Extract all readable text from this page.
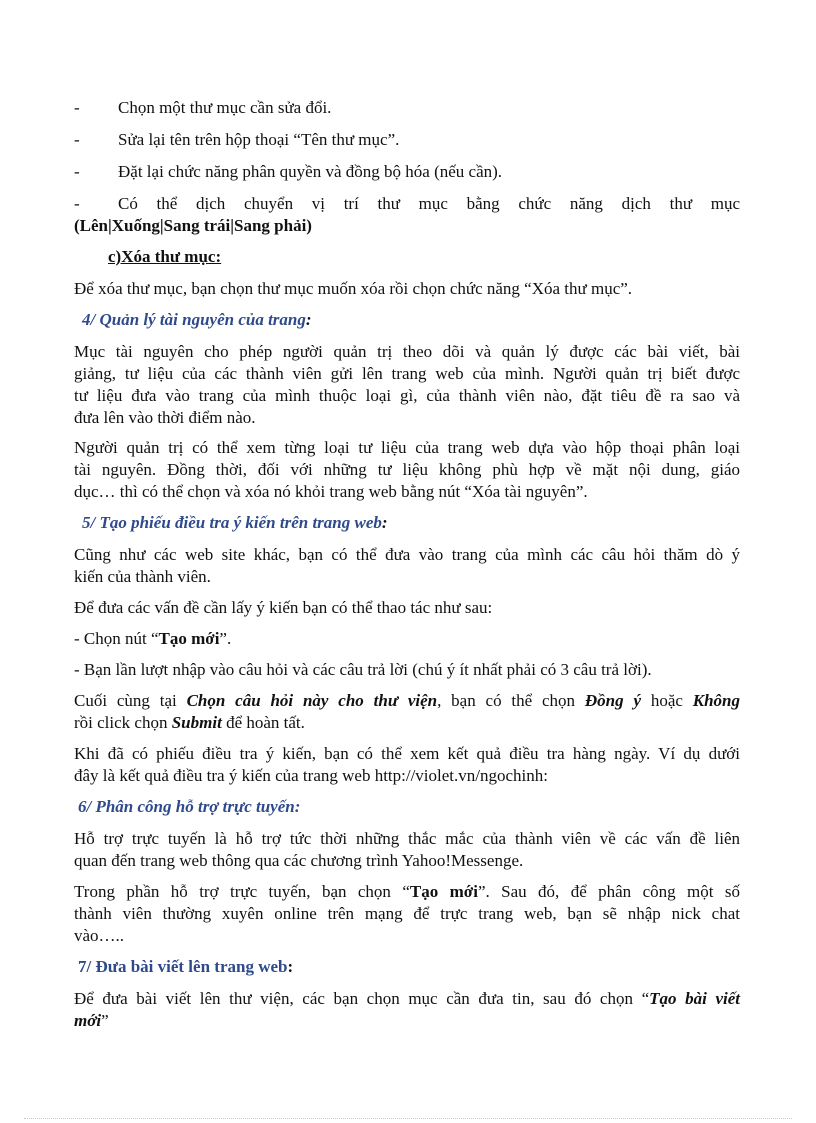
- Chọn một thư mục cần sửa đổi.
- Sửa lại tên trên hộp thoại “Tên thư mục”.
- Đặt lại chức năng phân quyền và đồng bộ hóa (nếu cần).
- Có thể dịch chuyển vị trí thư mục bằng chức năng dịch thư mục
(Lên|Xuống|Sang trái|Sang phải)
c)Xóa thư mục:
Để xóa thư mục, bạn chọn thư mục muốn xóa rồi chọn chức năng “Xóa thư mục”.
4/ Quản lý tài nguyên của trang:
Mục tài nguyên cho phép người quản trị theo dõi và quản lý được các bài viết, bài
giảng, tư liệu của các thành viên gửi lên trang web của mình. Người quản trị biết được
tư liệu đưa vào trang của mình thuộc loại gì, của thành viên nào, đặt tiêu đề ra sao và
đưa lên vào thời điểm nào.
Người quản trị có thể xem từng loại tư liệu của trang web dựa vào hộp thoại phân loại
tài nguyên. Đồng thời, đối với những tư liệu không phù hợp về mặt nội dung, giáo
dục… thì có thể chọn và xóa nó khỏi trang web bằng nút “Xóa tài nguyên”.
5/ Tạo phiếu điều tra ý kiến trên trang web:
Cũng như các web site khác, bạn có thể đưa vào trang của mình các câu hỏi thăm dò ý
kiến của thành viên.
Để đưa các vấn đề cần lấy ý kiến bạn có thể thao tác như sau:
- Chọn nút “Tạo mới”.
- Bạn lần lượt nhập vào câu hỏi và các câu trả lời (chú ý ít nhất phải có 3 câu trả lời).
Cuối cùng tại Chọn câu hỏi này cho thư viện, bạn có thể chọn Đồng ý hoặc Không
rồi click chọn Submit để hoàn tất.
Khi đã có phiếu điều tra ý kiến, bạn có thể xem kết quả điều tra hàng ngày. Ví dụ dưới
đây là kết quả điều tra ý kiến của trang web http://violet.vn/ngochinh:
6/ Phân công hỗ trợ trực tuyến:
Hỗ trợ trực tuyến là hỗ trợ tức thời những thắc mắc của thành viên về các vấn đề liên
quan đến trang web thông qua các chương trình Yahoo!Messenge.
Trong phần hỗ trợ trực tuyến, bạn chọn “Tạo mới”. Sau đó, để phân công một số
thành viên thường xuyên online trên mạng để trực trang web, bạn sẽ nhập nick chat
vào…..
7/ Đưa bài viết lên trang web:
Để đưa bài viết lên thư viện, các bạn chọn mục cần đưa tin, sau đó chọn “Tạo bài viết
mới”
